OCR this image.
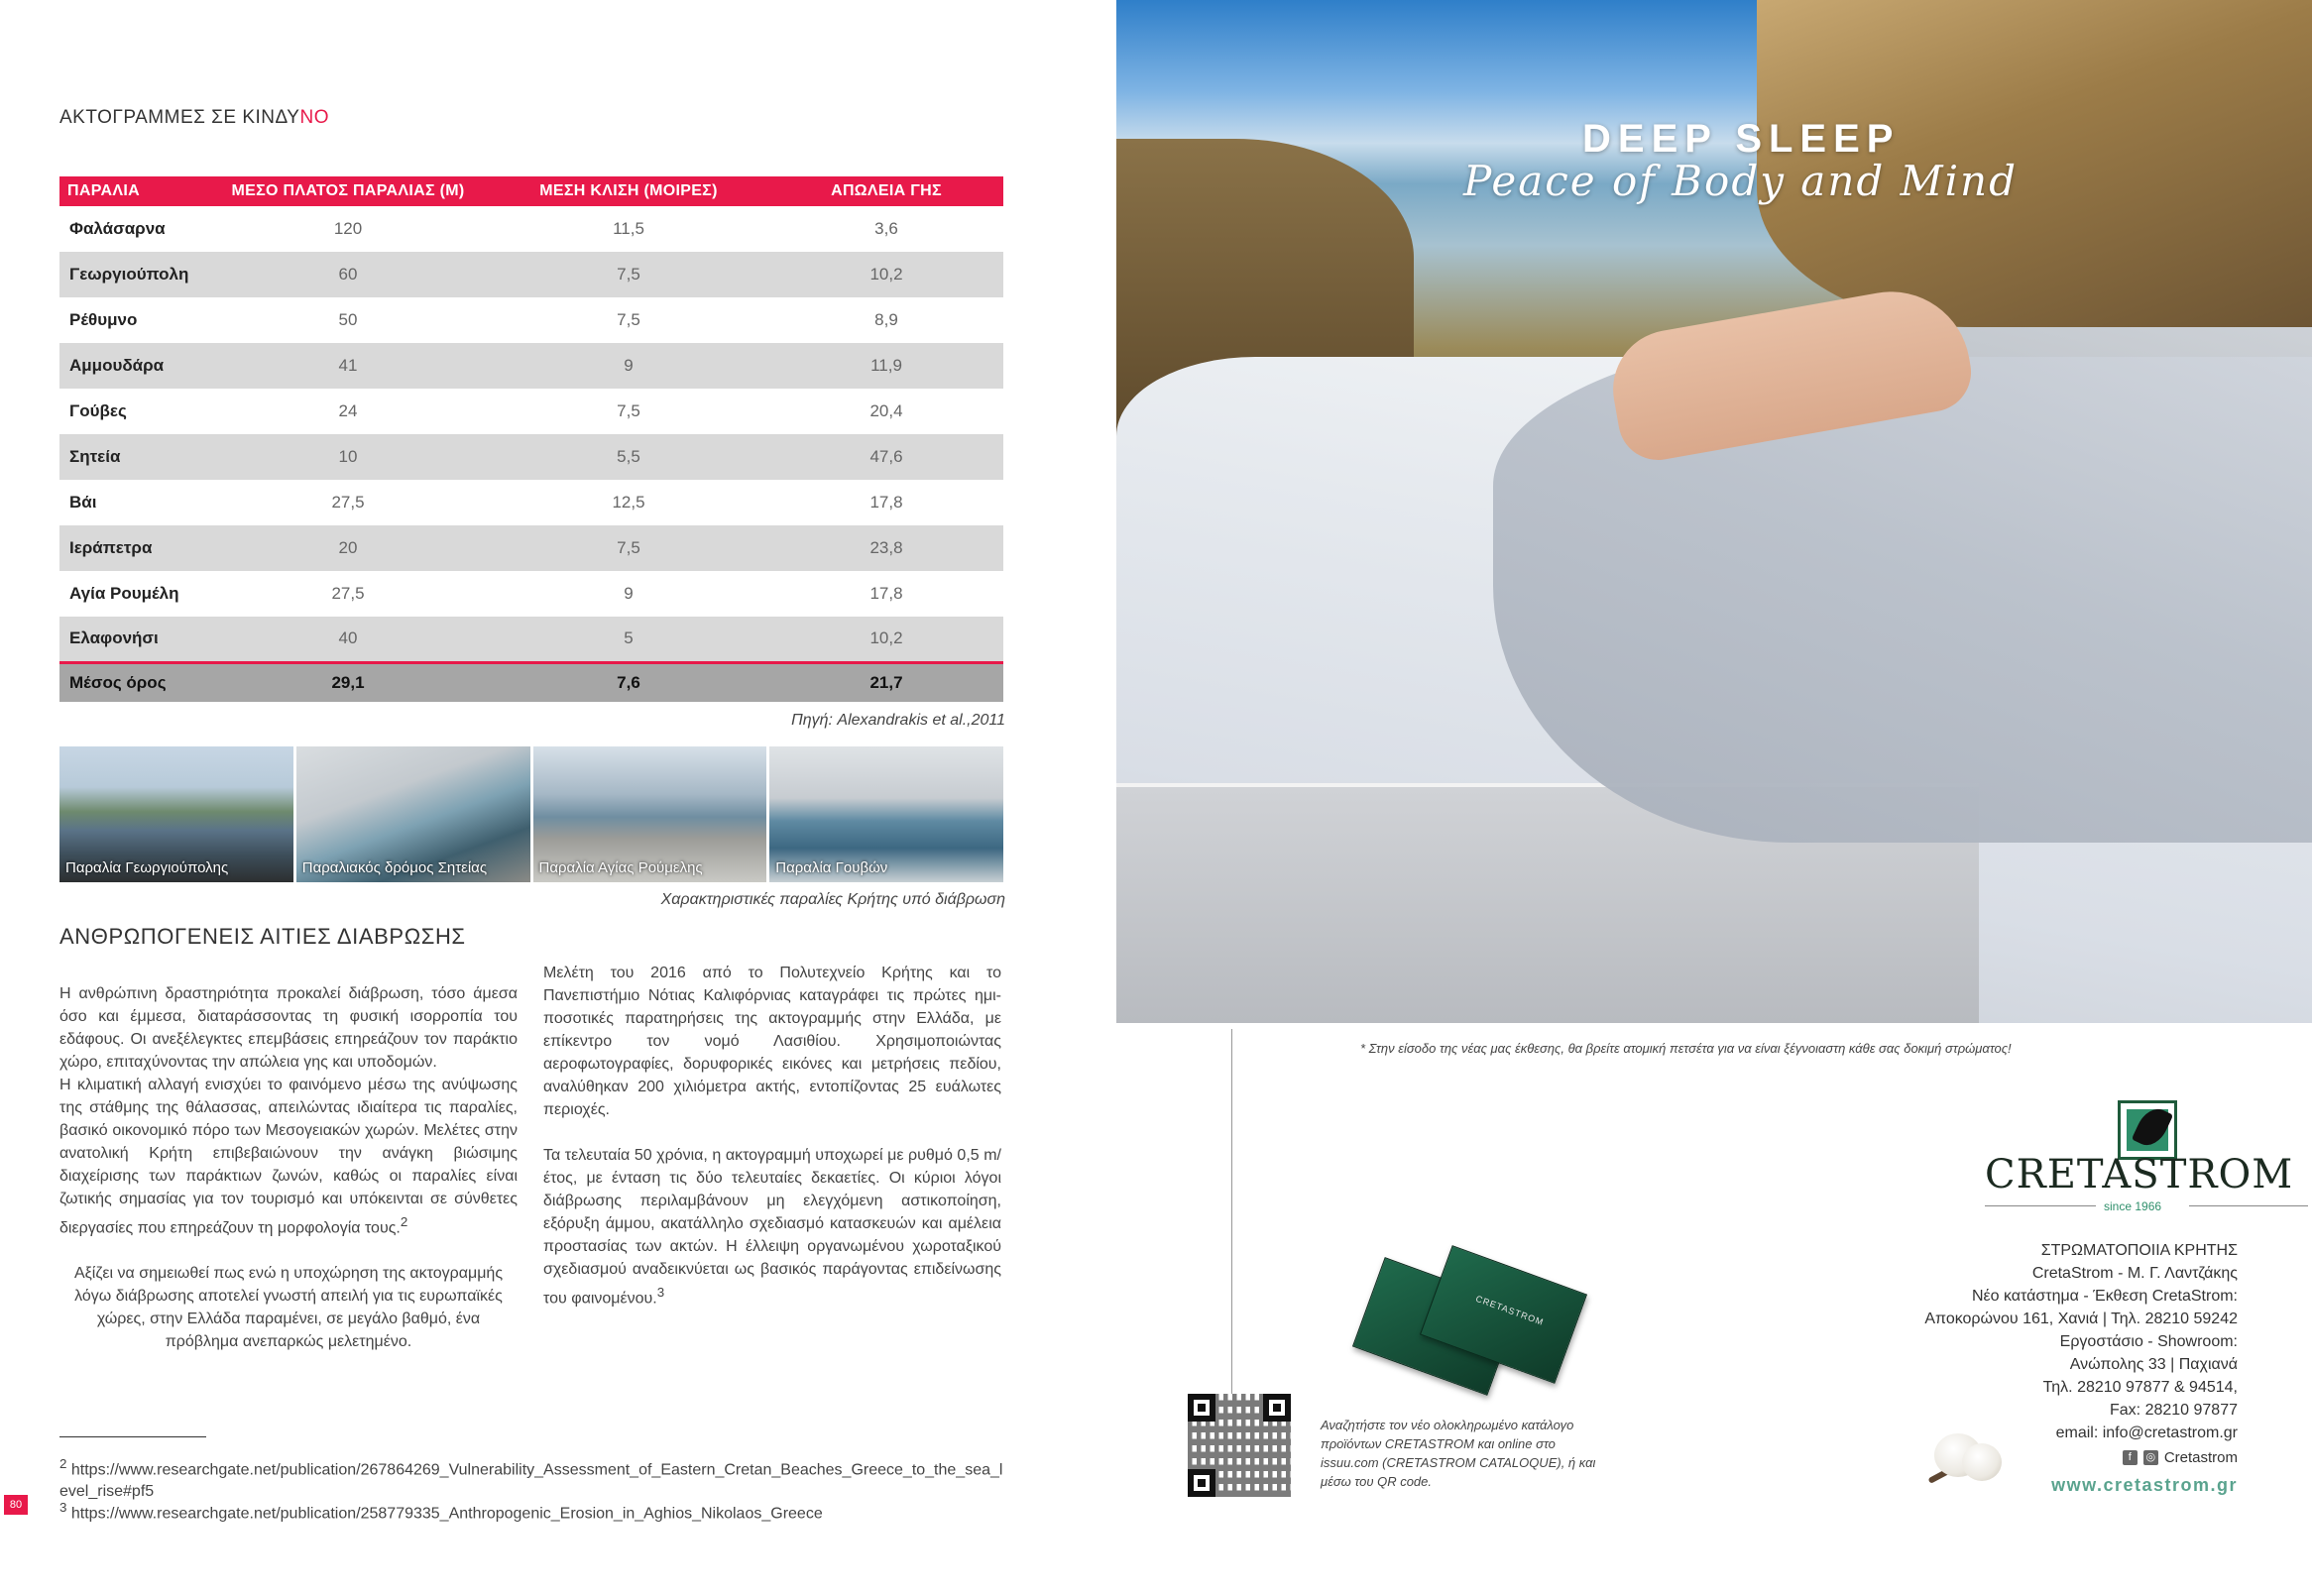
ΑΚΤΟΓΡΑΜΜΕΣ ΣΕ ΚΙΝΔΥΝΟ
ΠΑΡΑΛΙΑ	ΜΕΣΟ ΠΛΑΤΟΣ ΠΑΡΑΛΙΑΣ (Μ)	ΜΕΣΗ ΚΛΙΣΗ (ΜΟΙΡΕΣ)	ΑΠΩΛΕΙΑ ΓΗΣ
Φαλάσαρνα	120	11,5	3,6
Γεωργιούπολη	60	7,5	10,2
Ρέθυμνο	50	7,5	8,9
Αμμουδάρα	41	9	11,9
Γούβες	24	7,5	20,4
Σητεία	10	5,5	47,6
Βάι	27,5	12,5	17,8
Ιεράπετρα	20	7,5	23,8
Αγία Ρουμέλη	27,5	9	17,8
Ελαφονήσι	40	5	10,2
Μέσος όρος	29,1	7,6	21,7
Πηγή: Alexandrakis et al.,2011
Παραλία Γεωργιούπολης	Παραλιακός δρόμος Σητείας	Παραλία Αγίας Ρούμελης	Παραλία Γουβών
Χαρακτηριστικές παραλίες Κρήτης υπό διάβρωση
ΑΝΘΡΩΠΟΓΕΝΕΙΣ ΑΙΤΙΕΣ ΔΙΑΒΡΩΣΗΣ

Η ανθρώπινη δραστηριότητα προκαλεί διάβρωση, τόσο άμεσα όσο και έμμεσα, διαταράσσοντας τη φυσική ισορροπία του εδάφους. Οι ανεξέλεγκτες επεμβάσεις επηρεάζουν τον παράκτιο χώρο, επιταχύνοντας την απώλεια γης και υποδομών.

Η κλιματική αλλαγή ενισχύει το φαινόμενο μέσω της ανύψωσης της στάθμης της θάλασσας, απειλώντας ιδιαίτερα τις παραλίες, βασικό οικονομικό πόρο των Μεσογειακών χωρών. Μελέτες στην ανατολική Κρήτη επιβεβαιώνουν την ανάγκη βιώσιμης διαχείρισης των παράκτιων ζωνών, καθώς οι παραλίες είναι ζωτικής σημασίας για τον τουρισμό και υπόκεινται σε σύνθετες διεργασίες που επηρεάζουν τη μορφολογία τους.$^2$

Αξίζει να σημειωθεί πως ενώ η υποχώρηση της ακτογραμμής λόγω διάβρωσης αποτελεί γνωστή απειλή για τις ευρωπαϊκές χώρες, στην Ελλάδα παραμένει, σε μεγάλο βαθμό, ένα πρόβλημα ανεπαρκώς μελετημένο.

Μελέτη του 2016 από το Πολυτεχνείο Κρήτης και το Πανεπιστήμιο Νότιας Καλιφόρνιας καταγράφει τις πρώτες ημι-ποσοτικές παρατηρήσεις της ακτογραμμής στην Ελλάδα, με επίκεντρο τον νομό Λασιθίου. Χρησιμοποιώντας αεροφωτογραφίες, δορυφορικές εικόνες και μετρήσεις πεδίου, αναλύθηκαν 200 χιλιόμετρα ακτής, εντοπίζοντας 25 ευάλωτες περιοχές.

Τα τελευταία 50 χρόνια, η ακτογραμμή υποχωρεί με ρυθμό 0,5 m/έτος, με ένταση τις δύο τελευταίες δεκαετίες. Οι κύριοι λόγοι διάβρωσης περιλαμβάνουν μη ελεγχόμενη αστικοποίηση, εξόρυξη άμμου, ακατάλληλο σχεδιασμό κατασκευών και αμέλεια προστασίας των ακτών. Η έλλειψη οργανωμένου χωροταξικού σχεδιασμού αναδεικνύεται ως βασικός παράγοντας επιδείνωσης του φαινομένου.$^3$

$^2$ https://www.researchgate.net/publication/267864269_Vulnerability_Assessment_of_Eastern_Cretan_Beaches_Greece_to_the_sea_level_rise#pf5
$^3$ https://www.researchgate.net/publication/258779335_Anthropogenic_Erosion_in_Aghios_Nikolaos_Greece
80
DEEP SLEEP
Peace of Body and Mind
* Στην είσοδο της νέας μας έκθεσης, θα βρείτε ατομική πετσέτα για να είναι ξέγνοιαστη κάθε σας δοκιμή στρώματος!
CRETASTROM
since 1966
ΣΤΡΩΜΑΤΟΠΟΙΙΑ ΚΡΗΤΗΣ
CretaStrom - Μ. Γ. Λαντζάκης
Νέο κατάστημα - Έκθεση CretaStrom:
Αποκορώνου 161, Χανιά | Τηλ. 28210 59242
Εργοστάσιο - Showroom:
Ανώπολης 33 | Παχιανά
Τηλ. 28210 97877 & 94514,
Fax: 28210 97877
email: info@cretastrom.gr
f	◎ Cretastrom
www.cretastrom.gr
CRETASTROM
Αναζητήστε τον νέο ολοκληρωμένο κατάλογο προϊόντων CRETASTROM και online στο issuu.com (CRETASTROM CATALOQUE), ή και μέσω του QR code.
